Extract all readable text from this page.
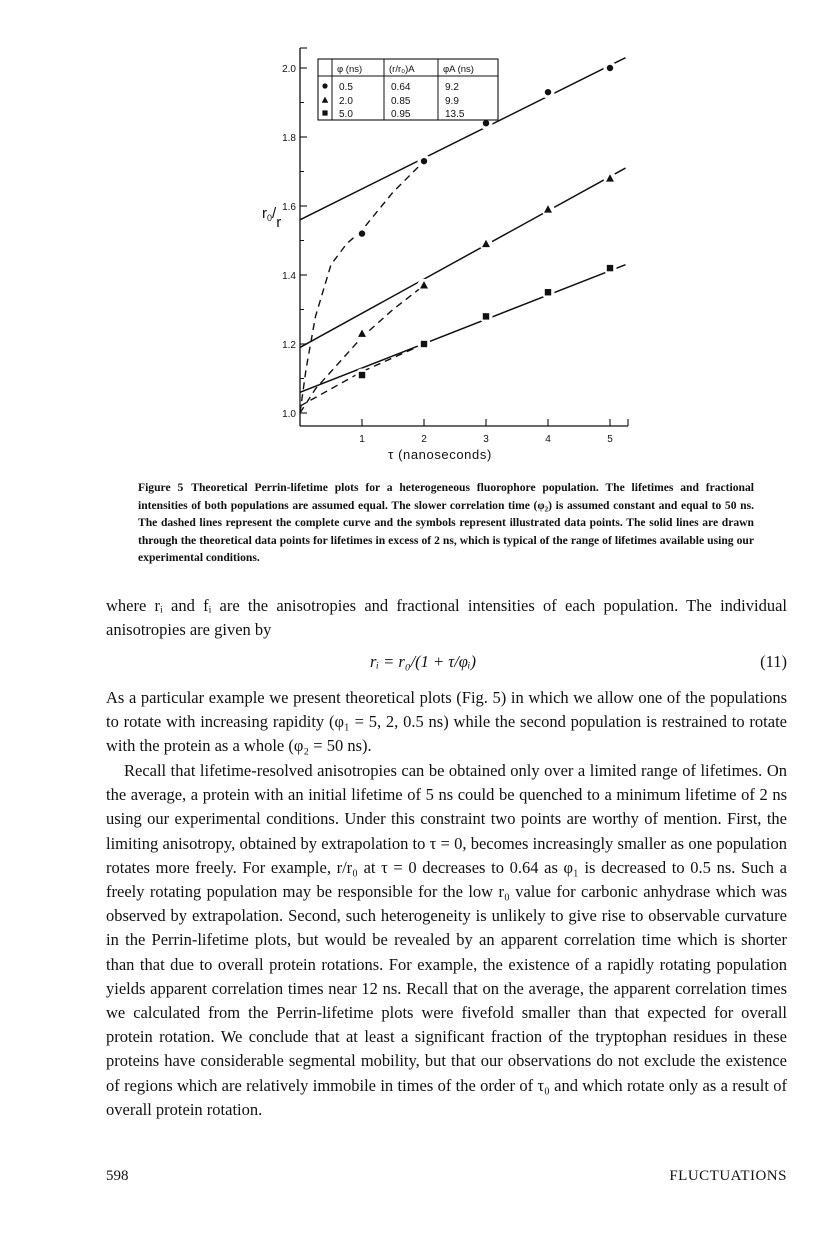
1.0
1.2
1.4
1.6
1.8
2.0
1	2	3	4	5
$r_0/r$
φ (ns)	(r/r₀)A	φA (ns)
0.5	0.64	9.2
2.0	0.85	9.9
5.0	0.95	13.5
τ (nanoseconds)
Figure 5 Theoretical Perrin-lifetime plots for a heterogeneous fluorophore population. The lifetimes and fractional intensities of both populations are assumed equal. The slower correlation time (φ₂) is assumed constant and equal to 50 ns. The dashed lines represent the complete curve and the symbols represent illustrated data points. The solid lines are drawn through the theoretical data points for lifetimes in excess of 2 ns, which is typical of the range of lifetimes available using our experimental conditions.
where rᵢ and fᵢ are the anisotropies and fractional intensities of each population. The individual anisotropies are given by
rᵢ = r₀/(1 + τ/φᵢ)	(11)
As a particular example we present theoretical plots (Fig. 5) in which we allow one of the populations to rotate with increasing rapidity (φ₁ = 5, 2, 0.5 ns) while the second population is restrained to rotate with the protein as a whole (φ₂ = 50 ns).
Recall that lifetime-resolved anisotropies can be obtained only over a limited range of lifetimes. On the average, a protein with an initial lifetime of 5 ns could be quenched to a minimum lifetime of 2 ns using our experimental conditions. Under this constraint two points are worthy of mention. First, the limiting anisotropy, obtained by extrapolation to τ = 0, becomes increasingly smaller as one population rotates more freely. For example, r/r₀ at τ = 0 decreases to 0.64 as φ₁ is decreased to 0.5 ns. Such a freely rotating population may be responsible for the low r₀ value for carbonic anhydrase which was observed by extrapolation. Second, such heterogeneity is unlikely to give rise to observable curvature in the Perrin-lifetime plots, but would be revealed by an apparent correlation time which is shorter than that due to overall protein rotations. For example, the existence of a rapidly rotating population yields apparent correlation times near 12 ns. Recall that on the average, the apparent correlation times we calculated from the Perrin-lifetime plots were fivefold smaller than that expected for overall protein rotation. We conclude that at least a significant fraction of the tryptophan residues in these proteins have considerable segmental mobility, but that our observations do not exclude the existence of regions which are relatively immobile in times of the order of τ₀ and which rotate only as a result of overall protein rotation.
598	FLUCTUATIONS
